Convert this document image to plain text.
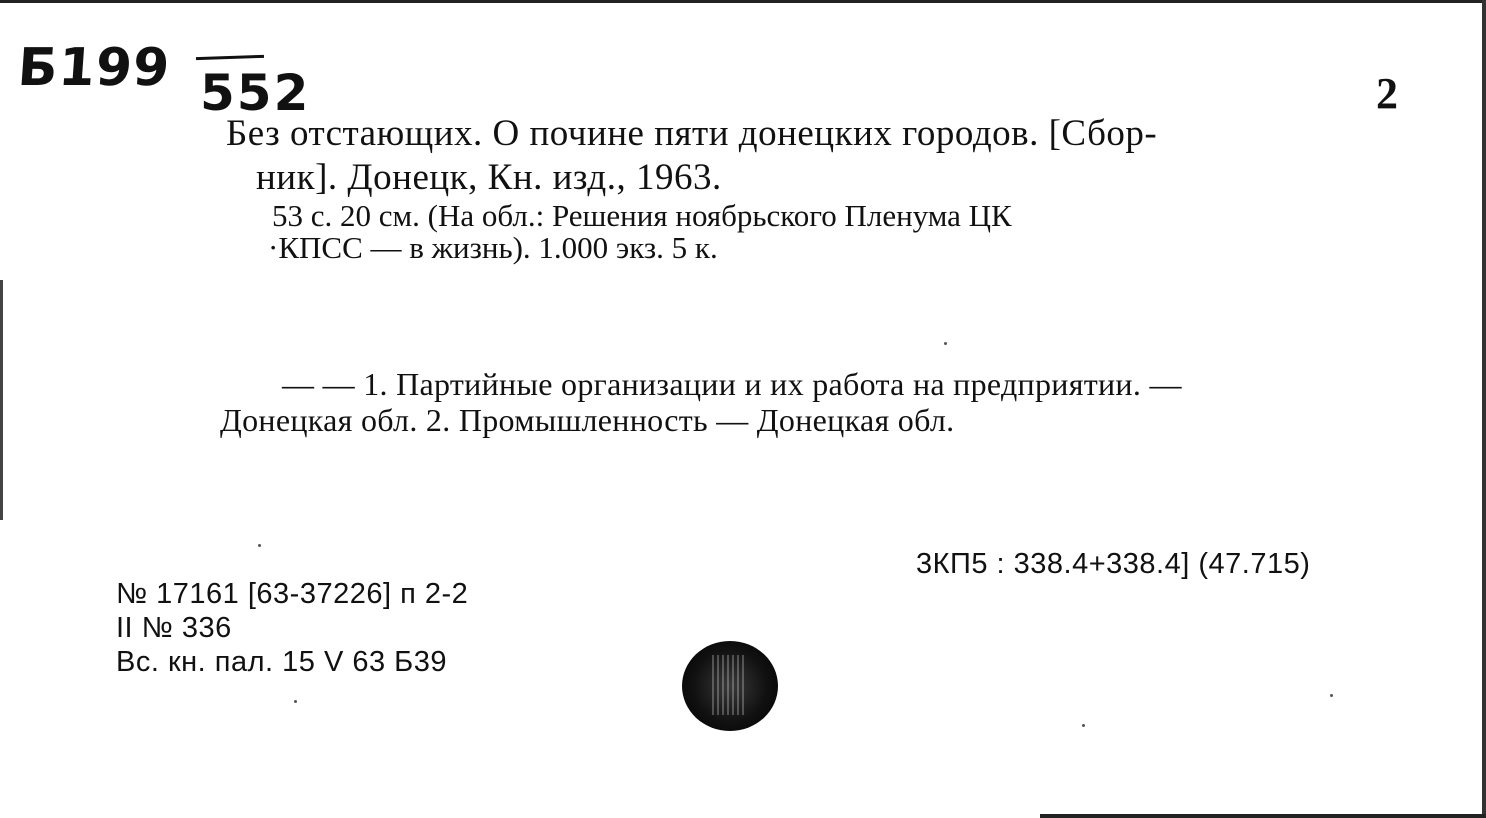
Б199 552	2
Без отстающих. О почине пяти донецких городов. [Сбор-
ник]. Донецк, Кн. изд., 1963.
53 с. 20 см. (На обл.: Решения ноябрьского Пленума ЦК
·КПСС — в жизнь). 1.000 экз. 5 к.
— — 1. Партийные организации и их работа на предприятии. —
Донецкая обл. 2. Промышленность — Донецкая обл.
3КП5 : 338.4+338.4] (47.715)
№ 17161 [63-37226] п 2-2
II № 336
Вс. кн. пал. 15 V 63 Б39
